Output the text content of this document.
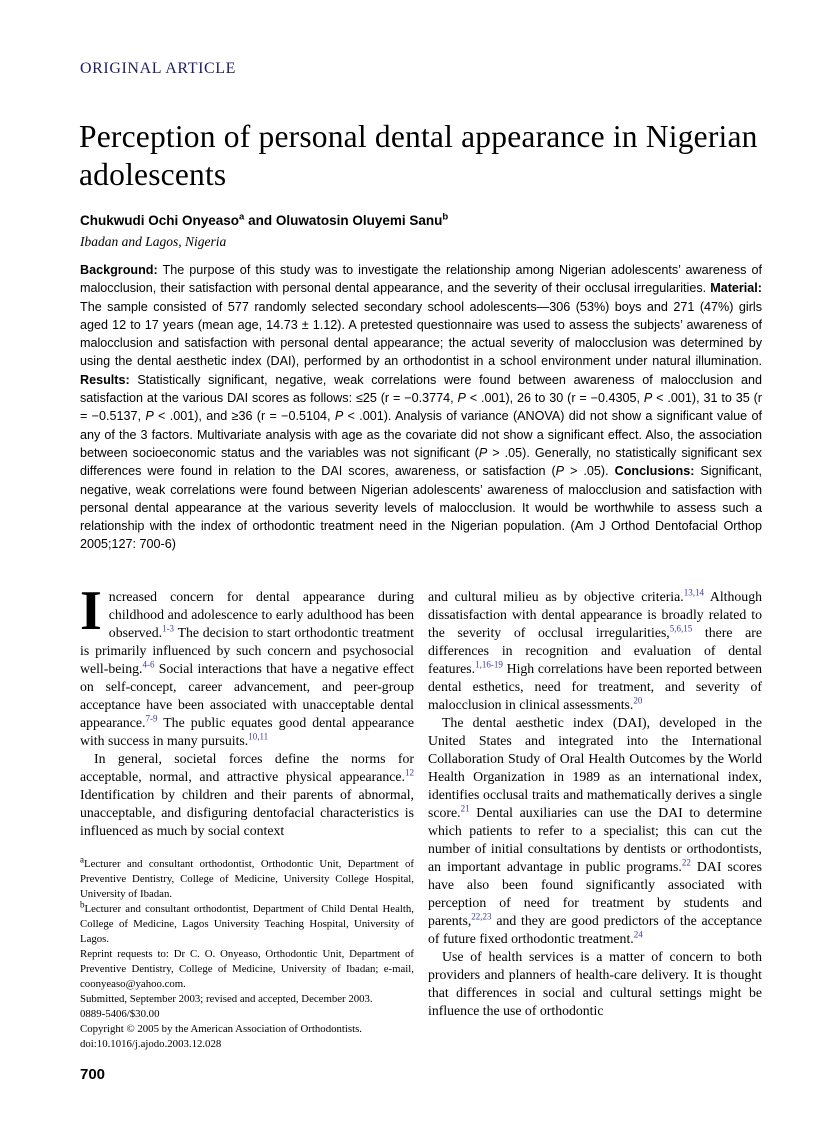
ORIGINAL ARTICLE
Perception of personal dental appearance in Nigerian adolescents
Chukwudi Ochi Onyeaso$^a$ and Oluwatosin Oluyemi Sanu$^b$
Ibadan and Lagos, Nigeria

Background: The purpose of this study was to investigate the relationship among Nigerian adolescents’ awareness of malocclusion, their satisfaction with personal dental appearance, and the severity of their occlusal irregularities. Material: The sample consisted of 577 randomly selected secondary school adolescents—306 (53%) boys and 271 (47%) girls aged 12 to 17 years (mean age, 14.73 ± 1.12). A pretested questionnaire was used to assess the subjects’ awareness of malocclusion and satisfaction with personal dental appearance; the actual severity of malocclusion was determined by using the dental aesthetic index (DAI), performed by an orthodontist in a school environment under natural illumination. Results: Statistically significant, negative, weak correlations were found between awareness of malocclusion and satisfaction at the various DAI scores as follows: ≤25 (r = −0.3774, P < .001), 26 to 30 (r = −0.4305, P < .001), 31 to 35 (r = −0.5137, P < .001), and ≥36 (r = −0.5104, P < .001). Analysis of variance (ANOVA) did not show a significant value of any of the 3 factors. Multivariate analysis with age as the covariate did not show a significant effect. Also, the association between socioeconomic status and the variables was not significant (P > .05). Generally, no statistically significant sex differences were found in relation to the DAI scores, awareness, or satisfaction (P > .05). Conclusions: Significant, negative, weak correlations were found between Nigerian adolescents’ awareness of malocclusion and satisfaction with personal dental appearance at the various severity levels of malocclusion. It would be worthwhile to assess such a relationship with the index of orthodontic treatment need in the Nigerian population. (Am J Orthod Dentofacial Orthop 2005;127: 700-6)

Increased concern for dental appearance during childhood and adolescence to early adulthood has been observed.$^{1-3}$ The decision to start orthodontic treatment is primarily influenced by such concern and psychosocial well-being.$^{4-6}$ Social interactions that have a negative effect on self-concept, career advancement, and peer-group acceptance have been associated with unacceptable dental appearance.$^{7-9}$ The public equates good dental appearance with success in many pursuits.$^{10,11}$

In general, societal forces define the norms for acceptable, normal, and attractive physical appearance.$^{12}$ Identification by children and their parents of abnormal, unacceptable, and disfiguring dentofacial characteristics is influenced as much by social context

$^a$Lecturer and consultant orthodontist, Orthodontic Unit, Department of Preventive Dentistry, College of Medicine, University College Hospital, University of Ibadan.

$^b$Lecturer and consultant orthodontist, Department of Child Dental Health, College of Medicine, Lagos University Teaching Hospital, University of Lagos.

Reprint requests to: Dr C. O. Onyeaso, Orthodontic Unit, Department of Preventive Dentistry, College of Medicine, University of Ibadan; e-mail, coonyeaso@yahoo.com.

Submitted, September 2003; revised and accepted, December 2003.

0889-5406/$30.00

Copyright © 2005 by the American Association of Orthodontists.

doi:10.1016/j.ajodo.2003.12.028

and cultural milieu as by objective criteria.$^{13,14}$ Although dissatisfaction with dental appearance is broadly related to the severity of occlusal irregularities,$^{5,6,15}$ there are differences in recognition and evaluation of dental features.$^{1,16-19}$ High correlations have been reported between dental esthetics, need for treatment, and severity of malocclusion in clinical assessments.$^{20}$

The dental aesthetic index (DAI), developed in the United States and integrated into the International Collaboration Study of Oral Health Outcomes by the World Health Organization in 1989 as an international index, identifies occlusal traits and mathematically derives a single score.$^{21}$ Dental auxiliaries can use the DAI to determine which patients to refer to a specialist; this can cut the number of initial consultations by dentists or orthodontists, an important advantage in public programs.$^{22}$ DAI scores have also been found significantly associated with perception of need for treatment by students and parents,$^{22,23}$ and they are good predictors of the acceptance of future fixed orthodontic treatment.$^{24}$

Use of health services is a matter of concern to both providers and planners of health-care delivery. It is thought that differences in social and cultural settings might be influence the use of orthodontic

700
